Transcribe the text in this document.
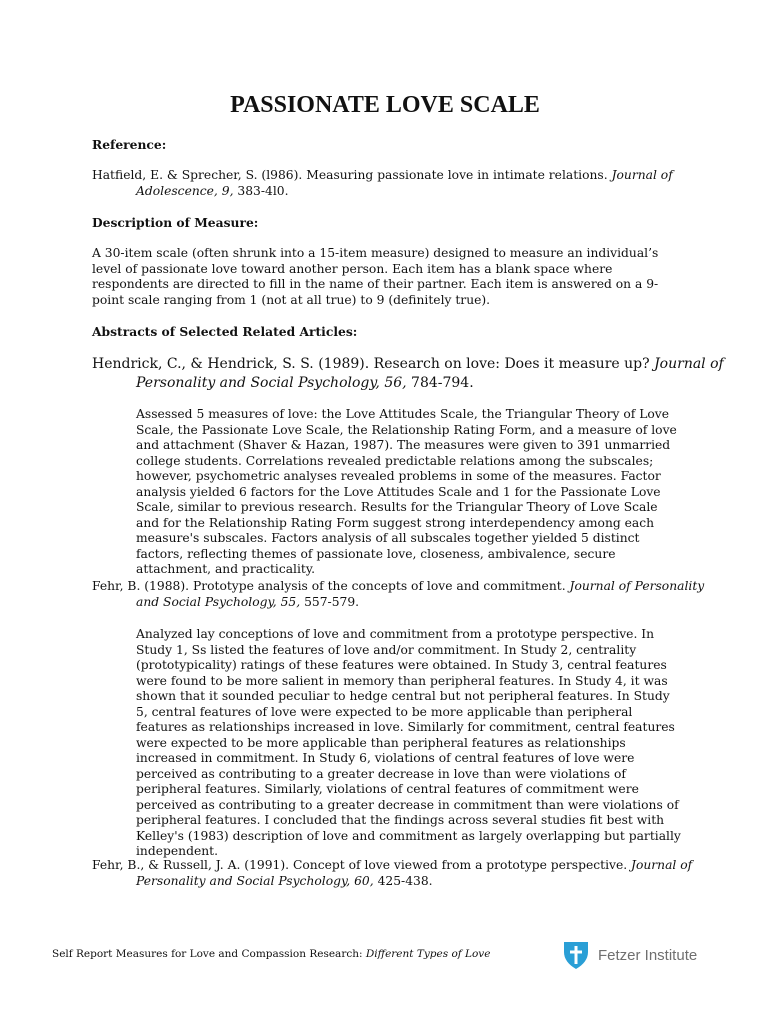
PASSIONATE LOVE SCALE
Reference:
Hatfield, E. & Sprecher, S. (l986). Measuring passionate love in intimate relations. Journal of Adolescence, 9, 383-4l0.
Description of Measure:
A 30-item scale (often shrunk into a 15-item measure) designed to measure an individual’s level of passionate love toward another person. Each item has a blank space where respondents are directed to fill in the name of their partner. Each item is answered on a 9-point scale ranging from 1 (not at all true) to 9 (definitely true).
Abstracts of Selected Related Articles:
Hendrick, C., & Hendrick, S. S. (1989). Research on love: Does it measure up? Journal of Personality and Social Psychology, 56, 784-794.
Assessed 5 measures of love: the Love Attitudes Scale, the Triangular Theory of Love Scale, the Passionate Love Scale, the Relationship Rating Form, and a measure of love and attachment (Shaver & Hazan, 1987). The measures were given to 391 unmarried college students. Correlations revealed predictable relations among the subscales; however, psychometric analyses revealed problems in some of the measures. Factor analysis yielded 6 factors for the Love Attitudes Scale and 1 for the Passionate Love Scale, similar to previous research. Results for the Triangular Theory of Love Scale and for the Relationship Rating Form suggest strong interdependency among each measure's subscales. Factors analysis of all subscales together yielded 5 distinct factors, reflecting themes of passionate love, closeness, ambivalence, secure attachment, and practicality.
Fehr, B. (1988). Prototype analysis of the concepts of love and commitment. Journal of Personality and Social Psychology, 55, 557-579.
Analyzed lay conceptions of love and commitment from a prototype perspective. In Study 1, Ss listed the features of love and/or commitment. In Study 2, centrality (prototypicality) ratings of these features were obtained. In Study 3, central features were found to be more salient in memory than peripheral features. In Study 4, it was shown that it sounded peculiar to hedge central but not peripheral features. In Study 5, central features of love were expected to be more applicable than peripheral features as relationships increased in love. Similarly for commitment, central features were expected to be more applicable than peripheral features as relationships increased in commitment. In Study 6, violations of central features of love were perceived as contributing to a greater decrease in love than were violations of peripheral features. Similarly, violations of central features of commitment were perceived as contributing to a greater decrease in commitment than were violations of peripheral features. I concluded that the findings across several studies fit best with Kelley's (1983) description of love and commitment as largely overlapping but partially independent.
Fehr, B., & Russell, J. A. (1991). Concept of love viewed from a prototype perspective. Journal of Personality and Social Psychology, 60, 425-438.
Self Report Measures for Love and Compassion Research: Different Types of Love	Fetzer Institute
